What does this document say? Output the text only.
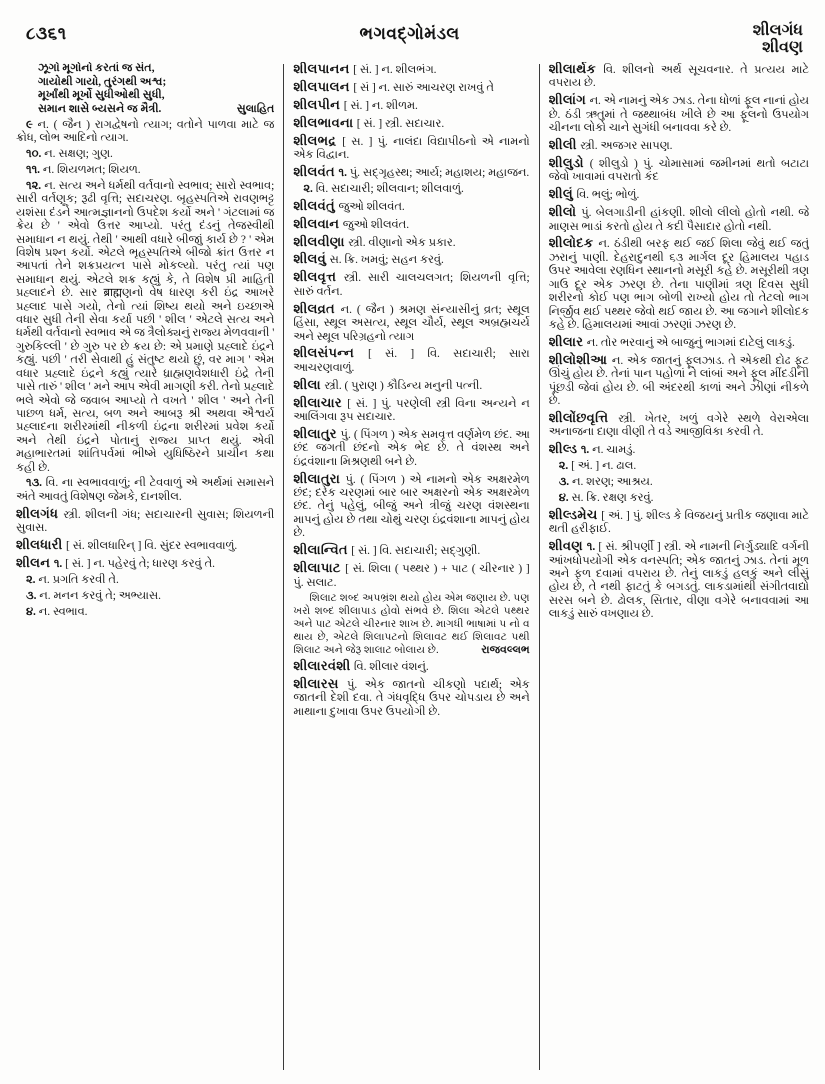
૮૩૬૧	ભગવદ્ગોમંડલ	શીલગંધ
શીવણ
ઝૂગો મૂગોનો કરતાં જ સંત,
ગાયોથી ગાયો, તુરંગથી અશ્વ;
મૂર્ખાંથી મૂર્ખો સુધીઓથી સુધી,
સમાન શાસે બ્યસને જ મૈત્રી.	સુલાહિત
૯ ન. ( જૈન ) રાગદ્વેષનો ત્યાગ; વતોને પાળવા માટે જ ક્રોધ, લોભ આદિનો ત્યાગ.
૧૦. ન. સક્ષણ; ગુણ.
૧૧. ન. શિયળમત; શિયળ.
૧૨. ન. સત્ય અને ધર્મથી વર્તવાનો સ્વભાવ; સારો સ્વભાવ; સારી વર્તણૂક; રૂઢી વૃત્તિ; સદાચરણ. બૃહસ્પતિએ રાવણભટ્ટ યશંસા દંડને આત્મજ્ઞાનનો ઉપદેશ કર્યો અને ' ગંટલામાં જ ક્રેય છે ' એવો ઉત્તર આપ્યો. પરંતુ દંડનું તેજસ્વીથી સમાધાન ન થયું. તેથી ' આથી વધારે બીજાું કાર્ય છે ? ' એમ વિશેષ પ્રશ્ન કર્યો. એટલે ભૃહસ્પતિએ બીજો ક્રાંત ઉત્તર ન આપતાં તેને શક્રપ્રયત્ન પાસે મોકલ્યો. પરંતુ ત્યાં પણ સમાધાન થયું. એટલે શક્ર કહ્યું કે, તે વિશેષ પ્રી માહિતી પ્રહ્લાદને છે. સાર ब्राह्मણનો વેષ ધારણ કરી ઇંદ્ર આખરે પ્રહ્લાદ પાસે ગયો, તેનો ત્યાં શિષ્ય થયો અને ઇચ્છાએ વધાર સુધી તેની સેવા કર્યા પછી ' શીલ ' એટલે સત્ય અને ધર્મથી વર્તવાનો સ્વભાવ એ જ ત્રૈલોક્યનું રાજ્ય મેળવવાની ' ગુરુકિલ્લી ' છે ગુરુ પર છે ક્રય છે: એ પ્રમાણે પ્રહ્લાદે ઇંદ્રને કહ્યું. પછી ' તરી સેવાથી હું સંતુષ્ટ થયો છું, વર માગ ' એમ વધાર પ્રહ્લાદે ઇંદ્રને કહ્યું ત્યારે ધ્રાહ્મણવેશધારી ઇંદ્રે તેની પાસે તારું ' શીલ ' મને આપ એવી માગણી કરી. તેનો પ્રહ્લાદે ભલે એવો જે જવાબ આપ્યો તે વખતે ' શીલ ' અને તેની પાછળ ધર્મ, સત્ય, બળ અને આબરૂ શ્રી અથવા ઐશ્વર્ય પ્રહ્લાદના શરીરમાંથી નીકળી ઇંદ્રના શરીરમાં પ્રવેશ કર્યો અને તેથી ઇંદ્રને પોતાનું રાજ્ય પ્રાપ્ત થયું. એવી મહાભારતમાં શાંતિપર્વમાં ભીષ્મે યુધિષ્ઠિરને પ્રાચીન કથા કહી છે.
૧૩. વિ. ના સ્વભાવવાળું; ની ટેવવાળું એ અર્થમાં સમાસને અંતે આવતું વિશેષણ જેમકે, દાનશીલ.
શીલગંધ સ્ત્રી. શીલની ગંધ; સદાચારની સુવાસ; શિયળની સુવાસ.
શીલધારી [ સં. શીલધારિન્ ] વિ. સુંદર સ્વભાવવાળું.
શીલન ૧. [ સં. ] ન. પહેરવું તે; ધારણ કરવું તે.
૨. ન. પ્રગતિ કરવી તે.
૩. ન. મનન કરવું તે; અભ્યાસ.
૪. ન. સ્વભાવ.
શીલપાનન [ સં. ] ન. શીલભંગ.
શીલપાલન [ સં ] ન. સારું આચરણ રાખવું તે
શીલપીન [ સં. ] ન. શીળમ.
શીલભાવના [ સં. ] સ્ત્રી. સદાચાર.
શીલભદ્ર [ સ. ] પું. નાલંદા વિદ્યાપીઠનો એ નામનો એક વિદ્વાન.
શીલવંત ૧. પું. સદ્ગૃહસ્થ; આર્ય; મહાશય; મહાજન.
૨. વિ. સદાચારી; શીલવાન; શીલવાળું.
શીલવંતું જુઓ શીલવંત.
શીલવાન જુઓ શીલવંત.
શીલવીણા સ્ત્રી. વીણાનો એક પ્રકાર.
શીલવું સ. ક્રિ. ખમવું; સહન કરવું.
શીલવૃત્ત સ્ત્રી. સારી ચાલચલગત; શિયળની વૃત્તિ; સારું વર્તન.
શીલવ્રત ન. ( જૈન ) શ્રમણ સંન્યાસીનું વ્રત; સ્થૂલ હિંસા, સ્થૂલ અસત્ય, સ્થૂલ ચૌર્ય, સ્થૂલ અબ્રહ્મચર્ય અને સ્થૂલ પરિગ્રહનો ત્યાગ
શીલસંપન્ન [ સં. ] વિ. સદાચારી; સારા આચરણવાળું.
શીલા સ્ત્રી. ( પુરાણ ) કૌડિન્ય મનુની પત્ની.
શીલાચાર [ સં. ] પું. પરણેલી સ્ત્રી વિના અન્યને ન આલિંગવા રૂપ સદાચાર.
શીલાતુર પું. ( પિંગળ ) એક સમવૃત્ત વર્ણમેળ છંદ. આ છંદ જગતી છંદનો એક ભેદ છે. તે વંશસ્થ અને ઇંદ્રવંશાના મિશ્રણથી બને છે.
શીલાતુરા પું. ( પિંગળ ) એ નામનો એક અક્ષરમેળ છંદ; દરેક ચરણમાં બાર બાર અક્ષરનો એક અક્ષરમેળ છંદ. તેનું પહેલું, બીજું અને ત્રીજું ચરણ વંશસ્થના માપનું હોય છે તથા ચોથું ચરણ ઇંદ્રવંશાના માપનું હોય છે.
શીલાન્વિત [ સં. ] વિ. સદાચારી; સદ્ગુણી.
શીલાપાટ [ સં. શિલા ( પથ્થર ) + પાટ ( ચીરનાર ) ] પું. સલાટ.
શિલાટ શબ્દ અપભ્રંશ થયો હોય એમ જણાય છે. પણ ખરો શબ્દ શીલાપાડ હોવો સંભવે છે. શિલા એટલે પથ્થર અને પાટ એટલે ચીરનાર શાખ છે. માગધી ભાષામાં પ નો વ થાય છે, એટલે શિલાપટનો શિલાવટ થઈ શિલાવટ પથી શિલાટ અને જેરૂ શાલાટ બોલાય છે.	રાજવલ્લભ
શીલારવંશી વિ. શીલાર વંશનું.
શીલારસ પું. એક જાતનો ચીકણો પદાર્થ; એક જાતની દેશી દવા. તે ગંધવૃદ્ધિ ઉપર ચોપડાય છે અને માથાના દુખાવા ઉપર ઉપયોગી છે.
શીલાર્થક વિ. શીલનો અર્થ સૂચવનાર. તે પ્રત્યય માટે વપરાય છે.
શીલાંગ ન. એ નામનું એક ઝાડ. તેના ધોળાં ફૂલ નાનાં હોય છે. ઠંડી ઋતુમાં તે જથ્થાબંધ ખીલે છે આ ફૂલનો ઉપયોગ ચીનના લોકો ચાને સુગંધી બનાવવા કરે છે.
શીલી સ્ત્રી. અજગર સાપણ.
શીલુડો ( શીલુડો ) પું. ચોમાસામાં જમીનમાં થતો બટાટા જેવો ખાવામાં વપરાતો કંદ
શીલું વિ. ભલું; ભોળું.
શીલો પું. બેલગાડીની હાંકણી. શીલો લીલો હોતો નથી. જે માણસ ભાડાં કરતો હોય તે કદી પૈસાદાર હોતો નથી.
શીલોદક ન. ઠંડીથી બરફ થઈ જઈ શિલા જેવું થઈ જતું ઝરાનું પાણી. દેહરાદુનથી ૬૩ માર્ગલ દૂર હિમાલય પહાડ ઉપર આવેલા રણધિન સ્થાનનો મસૂરી કહે છે. મસૂરીથી ત્રણ ગાઉ દૂર એક ઝરણ છે. તેના પાણીમાં ત્રણ દિવસ સુધી શરીરનો કોઈ પણ ભાગ બોળી રાખ્યો હોય તો તેટલો ભાગ નિર્જીવ થઈ પથ્થર જેવો થઈ જાય છે. આ જગાને શીલોદક કહે છે. હિમાલયમાં આવાં ઝરણાં ઝરણ છે.
શીલાર ન. તોર ભરવાનું એ બાજુનું ભાગમાં દાટેલું લાકડું.
શીલોશીઆ ન. એક જાતનું ફૂલઝાડ. તે એકથી દોઢ ફૂટ ઊંચું હોય છે. તેનાં પાન પહોળાં ને લાંબાં અને ફૂલ મીંદડીની પૂંછડી જેવાં હોય છે. બી અંદરથી કાળાં અને ઝીણાં નીકળે છે.
શીલોંછવૃત્તિ સ્ત્રી. ખેતર, ખળું વગેરે સ્થળે વેરાએલા અનાજના દાણા વીણી તે વડે આજીવિકા કરવી તે.
શીલ્ડ ૧. ન. ચામડું.
૨. [ અં. ] ન. ઢાલ.
૩. ન. શરણ; આશ્રય.
૪. સ. ક્રિ. રક્ષણ કરવું.
શીલ્ડમેચ [ અં. ] પું. શીલ્ડ કે વિજયનું પ્રતીક જણાવા માટે થતી હરીફાઈ.
શીવણ ૧. [ સં. શ્રીપર્ણી ] સ્ત્રી. એ નામની નિર્ગુડ્યાદિ વર્ગની આંખધોપયોગી એક વનસ્પતિ; એક જાતનું ઝાડ. તેનાં મૂળ અને ફળ દવામાં વપરાય છે. તેનું લાકડું હલકું અને લીસું હોય છે, તે નથી ફાટતું કે બગડતું. લાકડામાંથી સંગીતવાદ્યો સરસ બને છે. ઢોલક, સિતાર, વીણા વગેરે બનાવવામાં આ લાકડું સારું વખણાય છે.
